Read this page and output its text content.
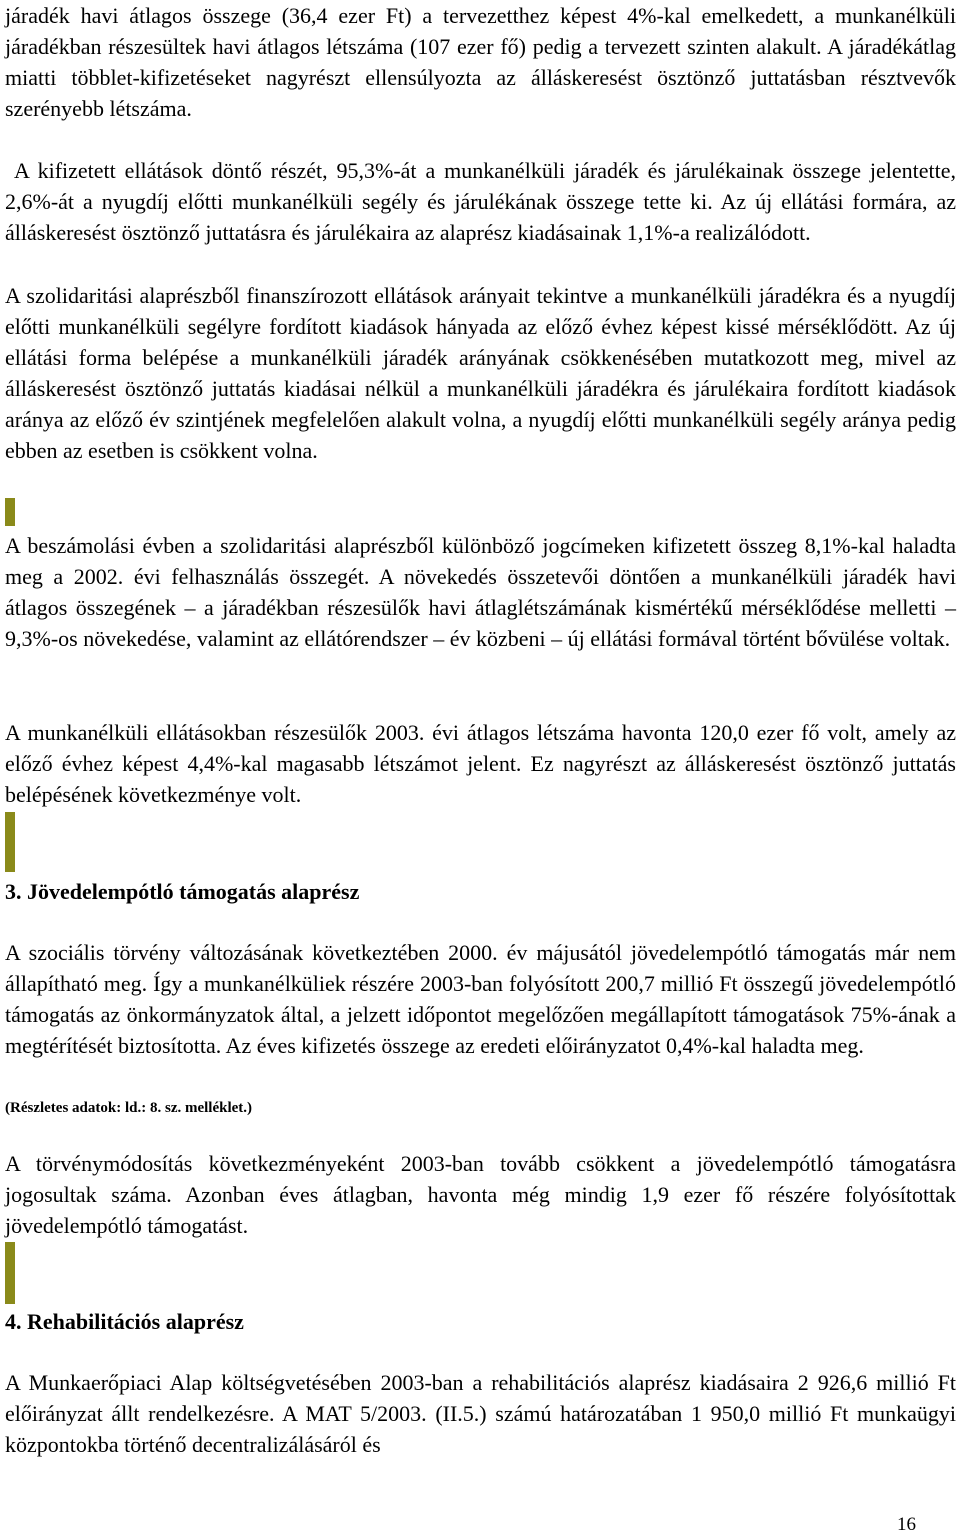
járadék havi átlagos összege (36,4 ezer Ft) a tervezetthez képest 4%-kal emelkedett, a munkanélküli járadékban részesültek havi átlagos létszáma (107 ezer fő) pedig a tervezett szinten alakult. A járadékátlag miatti többlet-kifizetéseket nagyrészt ellensúlyozta az álláskeresést ösztönző juttatásban résztvevők szerényebb létszáma.

A kifizetett ellátások döntő részét, 95,3%-át a munkanélküli járadék és járulékainak összege jelentette, 2,6%-át a nyugdíj előtti munkanélküli segély és járulékának összege tette ki. Az új ellátási formára, az álláskeresést ösztönző juttatásra és járulékaira az alaprész kiadásainak 1,1%-a realizálódott.

A szolidaritási alaprészből finanszírozott ellátások arányait tekintve a munkanélküli járadékra és a nyugdíj előtti munkanélküli segélyre fordított kiadások hányada az előző évhez képest kissé mérséklődött. Az új ellátási forma belépése a munkanélküli járadék arányának csökkenésében mutatkozott meg, mivel az álláskeresést ösztönző juttatás kiadásai nélkül a munkanélküli járadékra és járulékaira fordított kiadások aránya az előző év szintjének megfelelően alakult volna, a nyugdíj előtti munkanélküli segély aránya pedig ebben az esetben is csökkent volna.

A beszámolási évben a szolidaritási alaprészből különböző jogcímeken kifizetett összeg 8,1%-kal haladta meg a 2002. évi felhasználás összegét. A növekedés összetevői döntően a munkanélküli járadék havi átlagos összegének – a járadékban részesülők havi átlaglétszámának kismértékű mérséklődése melletti – 9,3%-os növekedése, valamint az ellátórendszer – év közbeni – új ellátási formával történt bővülése voltak.

A munkanélküli ellátásokban részesülők 2003. évi átlagos létszáma havonta 120,0 ezer fő volt, amely az előző évhez képest 4,4%-kal magasabb létszámot jelent. Ez nagyrészt az álláskeresést ösztönző juttatás belépésének következménye volt.

3. Jövedelempótló támogatás alaprész

A szociális törvény változásának következtében 2000. év májusától jövedelempótló támogatás már nem állapítható meg. Így a munkanélküliek részére 2003-ban folyósított 200,7 millió Ft összegű jövedelempótló támogatás az önkormányzatok által, a jelzett időpontot megelőzően megállapított támogatások 75%-ának a megtérítését biztosította. Az éves kifizetés összege az eredeti előirányzatot 0,4%-kal haladta meg.

(Részletes adatok: ld.: 8. sz. melléklet.)

A törvénymódosítás következményeként 2003-ban tovább csökkent a jövedelempótló támogatásra jogosultak száma. Azonban éves átlagban, havonta még mindig 1,9 ezer fő részére folyósítottak jövedelempótló támogatást.

4. Rehabilitációs alaprész

A Munkaerőpiaci Alap költségvetésében 2003-ban a rehabilitációs alaprész kiadásaira 2 926,6 millió Ft előirányzat állt rendelkezésre. A MAT 5/2003. (II.5.) számú határozatában 1 950,0 millió Ft munkaügyi központokba történő decentralizálásáról és

16
